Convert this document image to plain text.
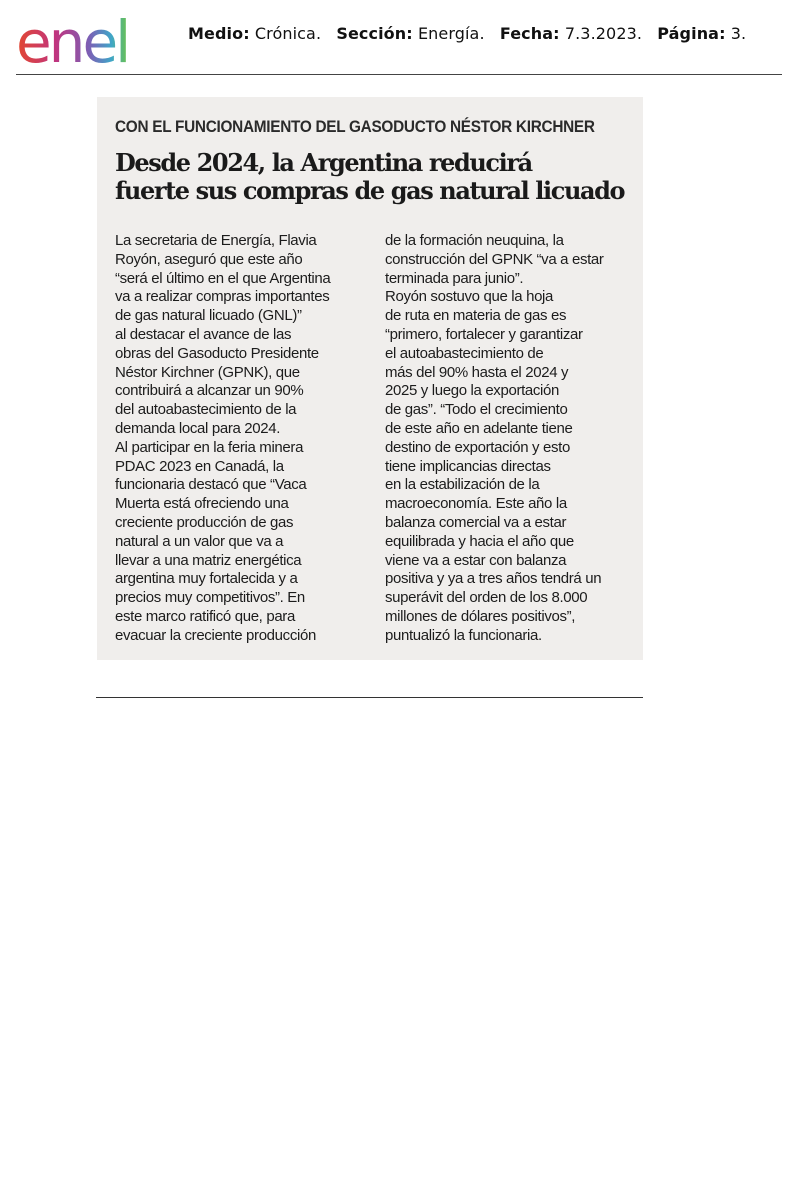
enel	Medio: Crónica. Sección: Energía. Fecha: 7.3.2023. Página: 3.
CON EL FUNCIONAMIENTO DEL GASODUCTO NÉSTOR KIRCHNER
Desde 2024, la Argentina reducirá
fuerte sus compras de gas natural licuado
La secretaria de Energía, Flavia
Royón, aseguró que este año
“será el último en el que Argentina
va a realizar compras importantes
de gas natural licuado (GNL)”
al destacar el avance de las
obras del Gasoducto Presidente
Néstor Kirchner (GPNK), que
contribuirá a alcanzar un 90%
del autoabastecimiento de la
demanda local para 2024.
Al participar en la feria minera
PDAC 2023 en Canadá, la
funcionaria destacó que “Vaca
Muerta está ofreciendo una
creciente producción de gas
natural a un valor que va a
llevar a una matriz energética
argentina muy fortalecida y a
precios muy competitivos”. En
este marco ratificó que, para
evacuar la creciente producción
de la formación neuquina, la
construcción del GPNK “va a estar
terminada para junio”.
Royón sostuvo que la hoja
de ruta en materia de gas es
“primero, fortalecer y garantizar
el autoabastecimiento de
más del 90% hasta el 2024 y
2025 y luego la exportación
de gas”. “Todo el crecimiento
de este año en adelante tiene
destino de exportación y esto
tiene implicancias directas
en la estabilización de la
macroeconomía. Este año la
balanza comercial va a estar
equilibrada y hacia el año que
viene va a estar con balanza
positiva y ya a tres años tendrá un
superávit del orden de los 8.000
millones de dólares positivos”,
puntualizó la funcionaria.
